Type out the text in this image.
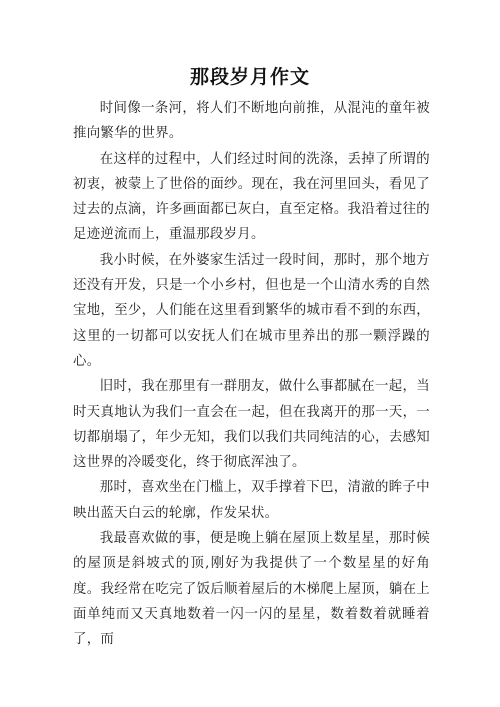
那段岁月作文

时间像一条河，将人们不断地向前推，从混沌的童年被推向繁华的世界。

在这样的过程中，人们经过时间的洗涤，丢掉了所谓的初衷，被蒙上了世俗的面纱。现在，我在河里回头，看见了过去的点滴，许多画面都已灰白，直至定格。我沿着过往的足迹逆流而上，重温那段岁月。

我小时候，在外婆家生活过一段时间，那时，那个地方还没有开发，只是一个小乡村，但也是一个山清水秀的自然宝地，至少，人们能在这里看到繁华的城市看不到的东西，这里的一切都可以安抚人们在城市里养出的那一颗浮躁的心。

旧时，我在那里有一群朋友，做什么事都腻在一起，当时天真地认为我们一直会在一起，但在我离开的那一天，一切都崩塌了，年少无知，我们以我们共同纯洁的心，去感知这世界的冷暖变化，终于彻底浑浊了。

那时，喜欢坐在门槛上，双手撑着下巴，清澈的眸子中映出蓝天白云的轮廓，作发呆状。

我最喜欢做的事，便是晚上躺在屋顶上数星星，那时候的屋顶是斜坡式的顶,刚好为我提供了一个数星星的好角度。我经常在吃完了饭后顺着屋后的木梯爬上屋顶，躺在上面单纯而又天真地数着一闪一闪的星星，数着数着就睡着了，而
